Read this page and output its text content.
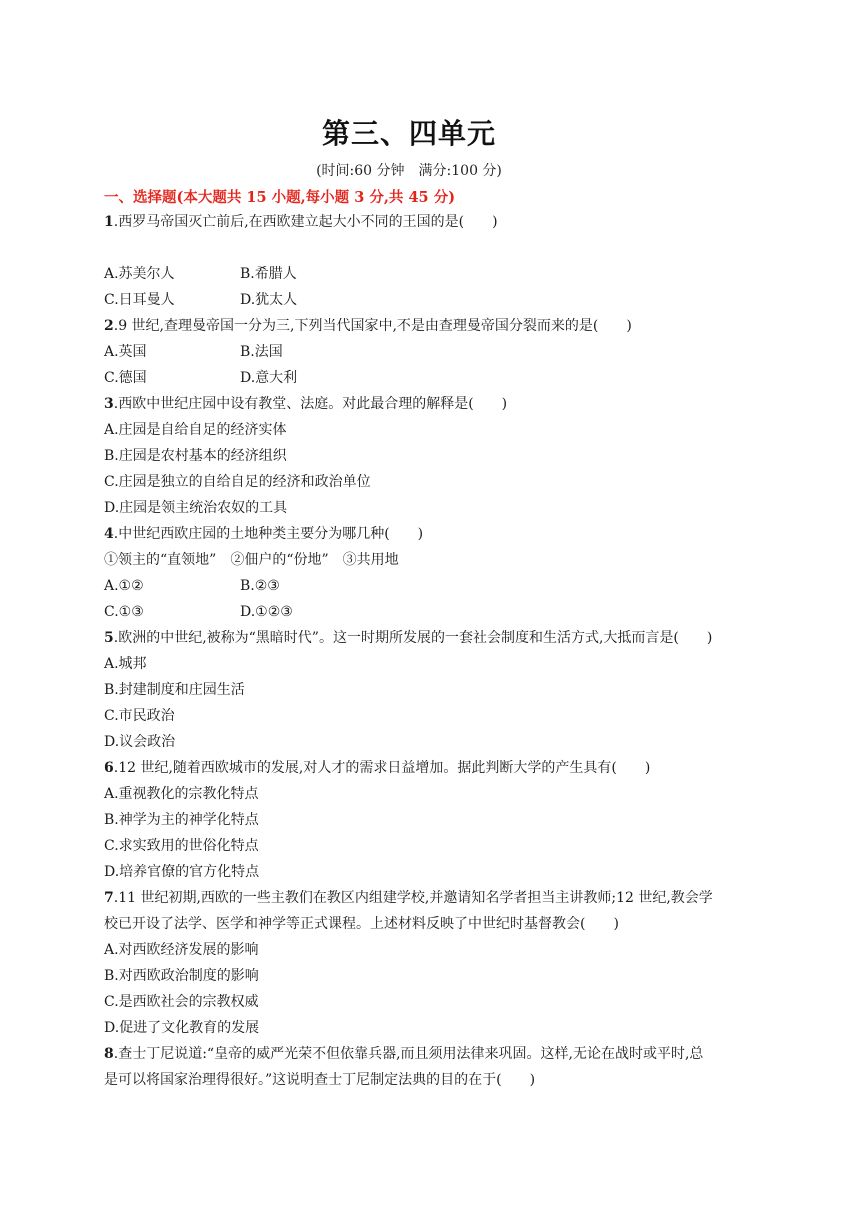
第三、四单元
(时间:60 分钟　满分:100 分)
一、选择题(本大题共 15 小题,每小题 3 分,共 45 分)
1.西罗马帝国灭亡前后,在西欧建立起大小不同的王国的是(　　)
A.苏美尔人	B.希腊人
C.日耳曼人	D.犹太人
2.9 世纪,查理曼帝国一分为三,下列当代国家中,不是由查理曼帝国分裂而来的是(　　)
A.英国	B.法国
C.德国	D.意大利
3.西欧中世纪庄园中设有教堂、法庭。对此最合理的解释是(　　)
A.庄园是自给自足的经济实体
B.庄园是农村基本的经济组织
C.庄园是独立的自给自足的经济和政治单位
D.庄园是领主统治农奴的工具
4.中世纪西欧庄园的土地种类主要分为哪几种(　　)
①领主的“直领地”　②佃户的“份地”　③共用地
A.①②	B.②③
C.①③	D.①②③
5.欧洲的中世纪,被称为“黑暗时代”。这一时期所发展的一套社会制度和生活方式,大抵而言是(　　)
A.城邦
B.封建制度和庄园生活
C.市民政治
D.议会政治
6.12 世纪,随着西欧城市的发展,对人才的需求日益增加。据此判断大学的产生具有(　　)
A.重视教化的宗教化特点
B.神学为主的神学化特点
C.求实致用的世俗化特点
D.培养官僚的官方化特点
7.11 世纪初期,西欧的一些主教们在教区内组建学校,并邀请知名学者担当主讲教师;12 世纪,教会学
校已开设了法学、医学和神学等正式课程。上述材料反映了中世纪时基督教会(　　)
A.对西欧经济发展的影响
B.对西欧政治制度的影响
C.是西欧社会的宗教权威
D.促进了文化教育的发展
8.查士丁尼说道:“皇帝的威严光荣不但依靠兵器,而且须用法律来巩固。这样,无论在战时或平时,总
是可以将国家治理得很好。”这说明查士丁尼制定法典的目的在于(　　)
